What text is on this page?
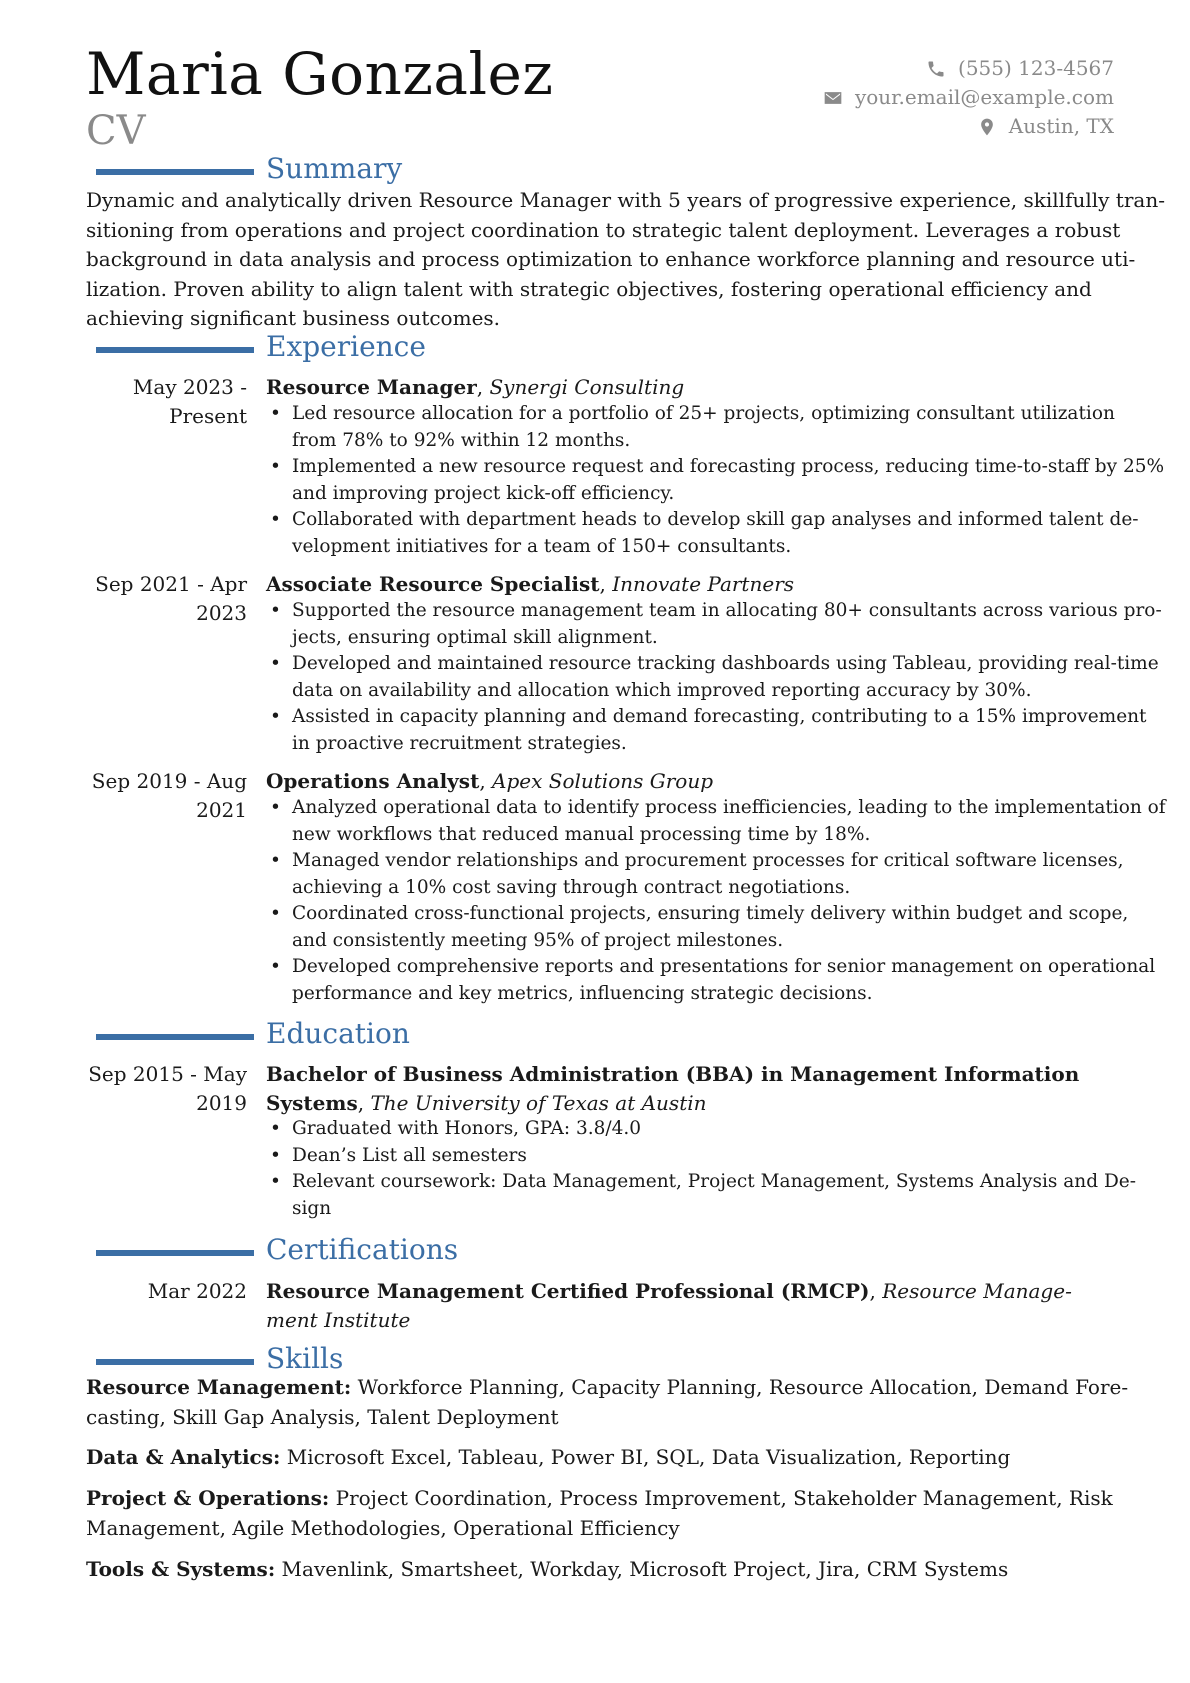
Maria Gonzalez
CV
(555) 123-4567
your.email@example.com
Austin, TX
Summary
Dynamic and analytically driven Resource Manager with 5 years of progressive experience, skillfully tran-
sitioning from operations and project coordination to strategic talent deployment. Leverages a robust
background in data analysis and process optimization to enhance workforce planning and resource uti-
lization. Proven ability to align talent with strategic objectives, fostering operational efficiency and
achieving significant business outcomes.
Experience
May 2023 -
Present
Resource Manager, Synergi Consulting
• Led resource allocation for a portfolio of 25+ projects, optimizing consultant utilization
from 78% to 92% within 12 months.
• Implemented a new resource request and forecasting process, reducing time-to-staff by 25%
and improving project kick-off efficiency.
• Collaborated with department heads to develop skill gap analyses and informed talent de-
velopment initiatives for a team of 150+ consultants.
Sep 2021 - Apr
2023
Associate Resource Specialist, Innovate Partners
• Supported the resource management team in allocating 80+ consultants across various pro-
jects, ensuring optimal skill alignment.
• Developed and maintained resource tracking dashboards using Tableau, providing real-time
data on availability and allocation which improved reporting accuracy by 30%.
• Assisted in capacity planning and demand forecasting, contributing to a 15% improvement
in proactive recruitment strategies.
Sep 2019 - Aug
2021
Operations Analyst, Apex Solutions Group
• Analyzed operational data to identify process inefficiencies, leading to the implementation of
new workflows that reduced manual processing time by 18%.
• Managed vendor relationships and procurement processes for critical software licenses,
achieving a 10% cost saving through contract negotiations.
• Coordinated cross-functional projects, ensuring timely delivery within budget and scope,
and consistently meeting 95% of project milestones.
• Developed comprehensive reports and presentations for senior management on operational
performance and key metrics, influencing strategic decisions.
Education
Sep 2015 - May
2019
Bachelor of Business Administration (BBA) in Management Information
Systems, The University of Texas at Austin
• Graduated with Honors, GPA: 3.8/4.0
• Dean’s List all semesters
• Relevant coursework: Data Management, Project Management, Systems Analysis and De-
sign
Certifications
Mar 2022 Resource Management Certified Professional (RMCP), Resource Manage-
ment Institute
Skills
Resource Management: Workforce Planning, Capacity Planning, Resource Allocation, Demand Fore-
casting, Skill Gap Analysis, Talent Deployment
Data & Analytics: Microsoft Excel, Tableau, Power BI, SQL, Data Visualization, Reporting
Project & Operations: Project Coordination, Process Improvement, Stakeholder Management, Risk
Management, Agile Methodologies, Operational Efficiency
Tools & Systems: Mavenlink, Smartsheet, Workday, Microsoft Project, Jira, CRM Systems
